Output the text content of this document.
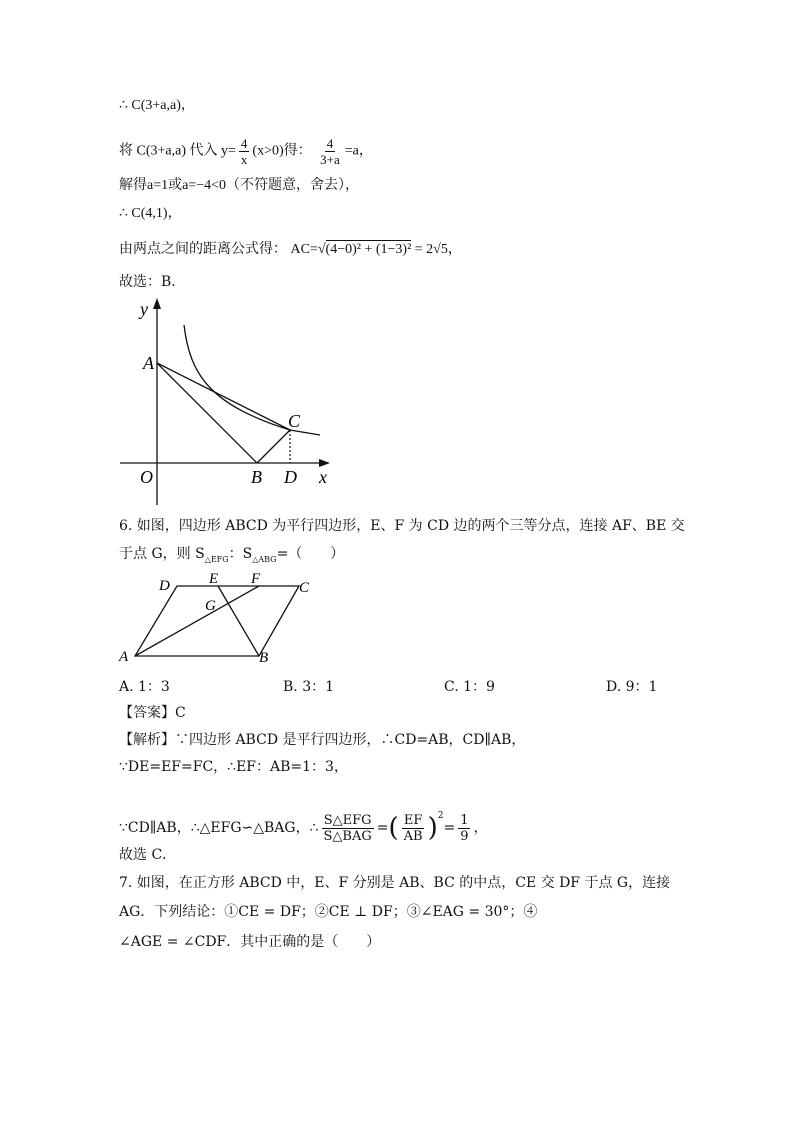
∴ C(3+a,a)，
将 C(3+a,a) 代入 $y= \frac{4}{x} (x>0)$得： $\frac{4}{3+a} =a$，
解得a=1或a=−4<0（不符题意，舍去），
∴ C(4,1)，
由两点之间的距离公式得： AC=√(4−0)² + (1−3)² = 2√5，
故选：B．
y
x
O
A
B
C
D
6. 如图，四边形 ABCD 为平行四边形，E、F 为 CD 边的两个三等分点，连接 AF、BE 交
于点 G，则 $S_{\triangle EFG}$：$S_{\triangle ABG}=$（　　）
D	E F
C
G
A	B
A. 1：3	B. 3：1	C. 1：9	D. 9：1
【答案】C
【解析】∵四边形 ABCD 是平行四边形，∴CD=AB，CD∥AB，
∵DE=EF=FC，∴EF：AB=1：3，
∵CD∥AB，∴△EFG∽△BAG，∴ $\frac{\text{S△EFG}}{\text{S△BAG}}$ =( $\frac{EF}{AB} )^2= \frac{1}{9}$ ，
故选 C．
7. 如图，在正方形 ABCD 中，E、F 分别是 AB、BC 的中点，CE 交 DF 于点 G，连接
AG．下列结论：①CE = DF；②CE ⊥ DF；③∠EAG = 30°；④
∠AGE = ∠CDF．其中正确的是（　　）
